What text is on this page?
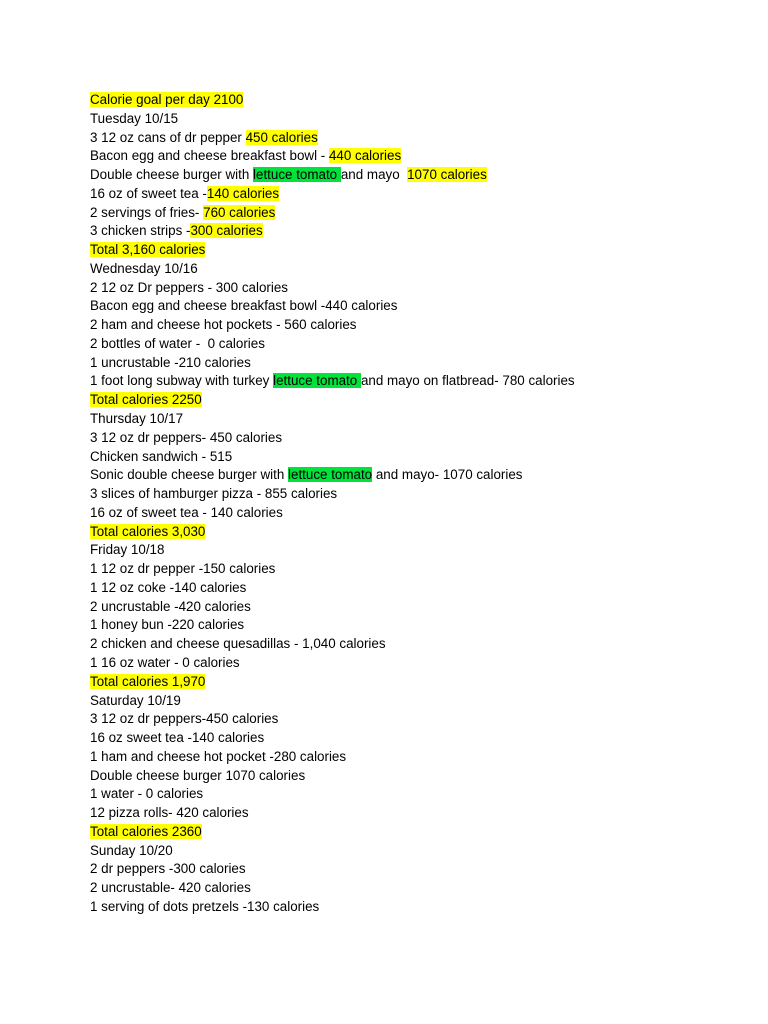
Calorie goal per day 2100
Tuesday 10/15
3 12 oz cans of dr pepper 450 calories
Bacon egg and cheese breakfast bowl - 440 calories
Double cheese burger with lettuce tomato and mayo  1070 calories
16 oz of sweet tea -140 calories
2 servings of fries- 760 calories
3 chicken strips -300 calories
Total 3,160 calories
Wednesday 10/16
2 12 oz Dr peppers - 300 calories
Bacon egg and cheese breakfast bowl -440 calories
2 ham and cheese hot pockets - 560 calories
2 bottles of water -  0 calories
1 uncrustable -210 calories
1 foot long subway with turkey lettuce tomato and mayo on flatbread- 780 calories
Total calories 2250
Thursday 10/17
3 12 oz dr peppers- 450 calories
Chicken sandwich - 515
Sonic double cheese burger with lettuce tomato and mayo- 1070 calories
3 slices of hamburger pizza - 855 calories
16 oz of sweet tea - 140 calories
Total calories 3,030
Friday 10/18
1 12 oz dr pepper -150 calories
1 12 oz coke -140 calories
2 uncrustable -420 calories
1 honey bun -220 calories
2 chicken and cheese quesadillas - 1,040 calories
1 16 oz water - 0 calories
Total calories 1,970
Saturday 10/19
3 12 oz dr peppers-450 calories
16 oz sweet tea -140 calories
1 ham and cheese hot pocket -280 calories
Double cheese burger 1070 calories
1 water - 0 calories
12 pizza rolls- 420 calories
Total calories 2360
Sunday 10/20
2 dr peppers -300 calories
2 uncrustable- 420 calories
1 serving of dots pretzels -130 calories
